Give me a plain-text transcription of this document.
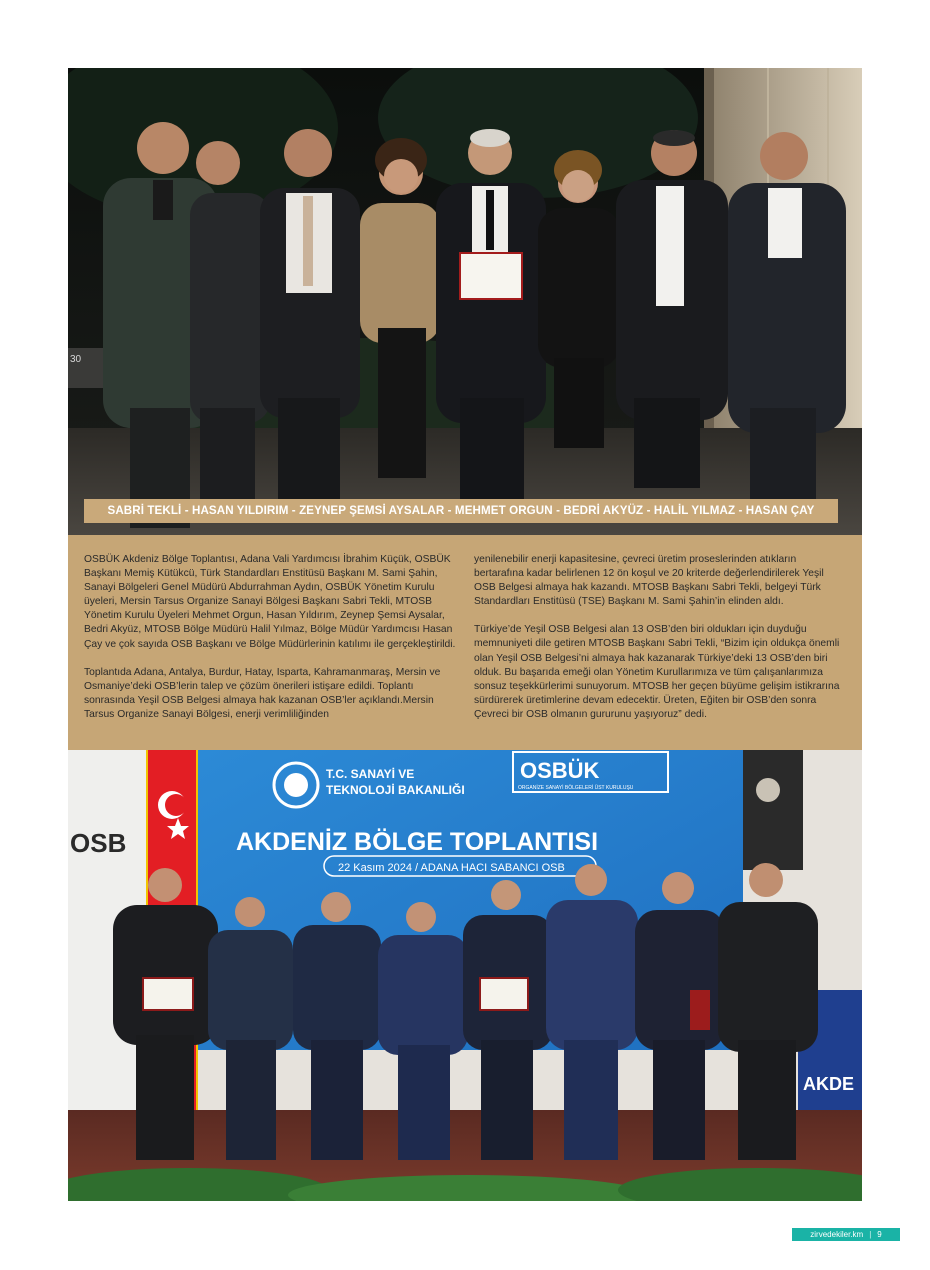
30
SABRİ TEKLİ - HASAN YILDIRIM - ZEYNEP ŞEMSİ AYSALAR - MEHMET ORGUN - BEDRİ AKYÜZ - HALİL YILMAZ - HASAN ÇAY

OSBÜK Akdeniz Bölge Toplantısı, Adana Vali Yardımcısı İbrahim Küçük, OSBÜK Başkanı Memiş Kütükcü, Türk Standardları Enstitüsü Başkanı M. Sami Şahin, Sanayi Bölgeleri Genel Müdürü Abdurrahman Aydın, OSBÜK Yönetim Kurulu üyeleri, Mersin Tarsus Organize Sanayi Bölgesi Başkanı Sabri Tekli, MTOSB Yönetim Kurulu Üyeleri Mehmet Orgun, Hasan Yıldırım, Zeynep Şemsi Aysalar, Bedri Akyüz, MTOSB Bölge Müdürü Halil Yılmaz, Bölge Müdür Yardımcısı Hasan Çay ve çok sayıda OSB Başkanı ve Bölge Müdürlerinin katılımı ile gerçekleştirildi.

Toplantıda Adana, Antalya, Burdur, Hatay, Isparta, Kahramanmaraş, Mersin ve Osmaniye’deki OSB’lerin talep ve çözüm önerileri istişare edildi. Toplantı sonrasında Yeşil OSB Belgesi almaya hak kazanan OSB’ler açıklandı.Mersin Tarsus Organize Sanayi Bölgesi, enerji verimliliğinden

yenilenebilir enerji kapasitesine, çevreci üretim proseslerinden atıkların bertarafına kadar belirlenen 12 ön koşul ve 20 kriterde değerlendirilerek Yeşil OSB Belgesi almaya hak kazandı. MTOSB Başkanı Sabri Tekli, belgeyi Türk Standardları Enstitüsü (TSE) Başkanı M. Sami Şahin’in elinden aldı.

Türkiye’de Yeşil OSB Belgesi alan 13 OSB’den biri oldukları için duyduğu memnuniyeti dile getiren MTOSB Başkanı Sabri Tekli, “Bizim için oldukça önemli olan Yeşil OSB Belgesi’ni almaya hak kazanarak Türkiye’deki 13 OSB’den biri olduk. Bu başarıda emeği olan Yönetim Kurullarımıza ve tüm çalışanlarımıza sonsuz teşekkürlerimi sunuyorum. MTOSB her geçen büyüme gelişim istikrarına sürdürerek üretimlerine devam edecektir. Üreten, Eğiten bir OSB’den sonra Çevreci bir OSB olmanın gururunu yaşıyoruz” dedi.

OSB
T.C. SANAYİ VE
TEKNOLOJİ BAKANLIĞI
OSBÜK
ORGANİZE SANAYİ BÖLGELERİ ÜST KURULUŞU
AKDENİZ BÖLGE TOPLANTISI
22 Kasım 2024 / ADANA HACI SABANCI OSB
AKDE
zirvedekiler.km | 9
